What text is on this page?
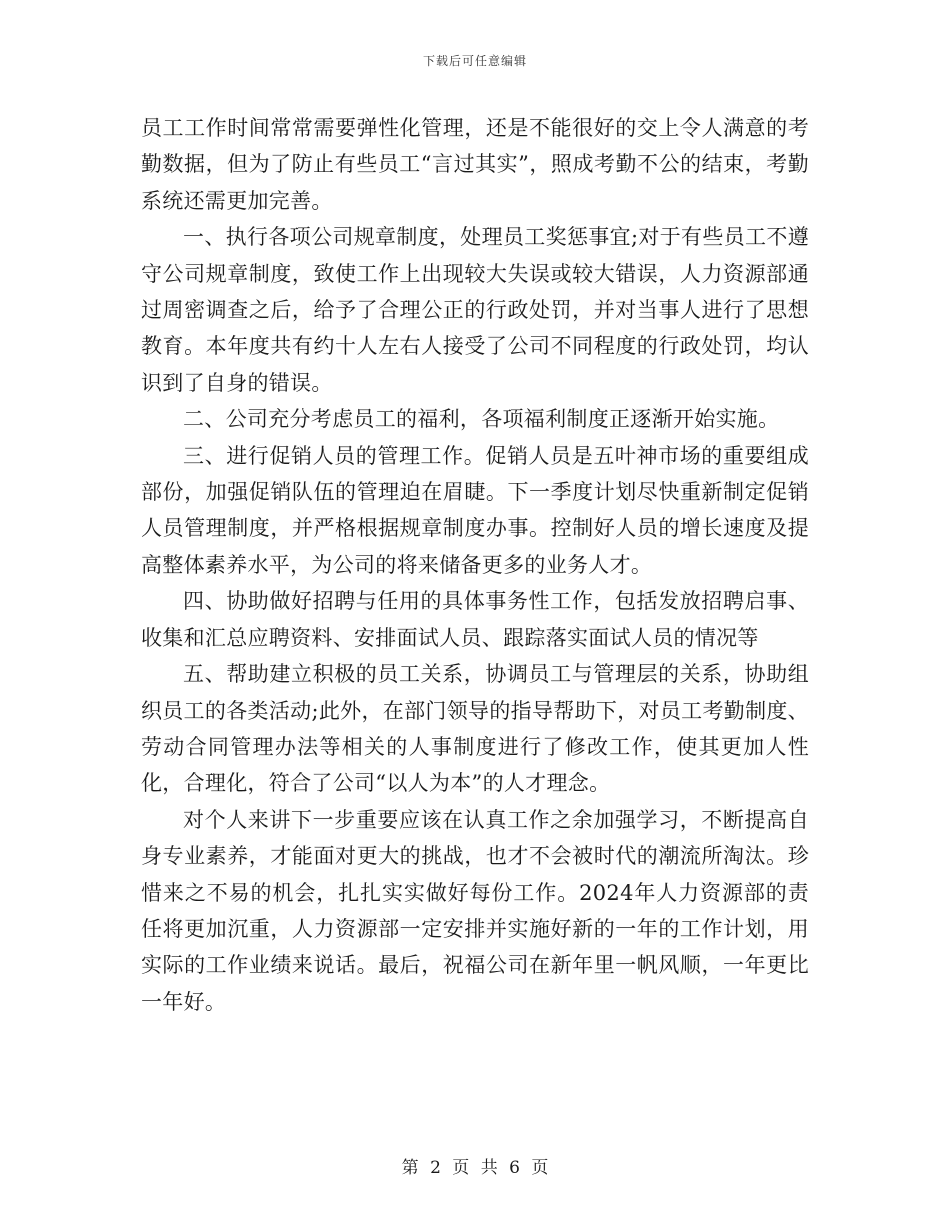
下载后可任意编辑

员工工作时间常常需要弹性化管理，还是不能很好的交上令人满意的考勤数据，但为了防止有些员工“言过其实”，照成考勤不公的结束，考勤系统还需更加完善。

一、执行各项公司规章制度，处理员工奖惩事宜;对于有些员工不遵守公司规章制度，致使工作上出现较大失误或较大错误，人力资源部通过周密调查之后，给予了合理公正的行政处罚，并对当事人进行了思想教育。本年度共有约十人左右人接受了公司不同程度的行政处罚，均认识到了自身的错误。

二、公司充分考虑员工的福利，各项福利制度正逐渐开始实施。

三、进行促销人员的管理工作。促销人员是五叶神市场的重要组成部份，加强促销队伍的管理迫在眉睫。下一季度计划尽快重新制定促销人员管理制度，并严格根据规章制度办事。控制好人员的增长速度及提高整体素养水平，为公司的将来储备更多的业务人才。

四、协助做好招聘与任用的具体事务性工作，包括发放招聘启事、收集和汇总应聘资料、安排面试人员、跟踪落实面试人员的情况等

五、帮助建立积极的员工关系，协调员工与管理层的关系，协助组织员工的各类活动;此外，在部门领导的指导帮助下，对员工考勤制度、劳动合同管理办法等相关的人事制度进行了修改工作，使其更加人性化，合理化，符合了公司“以人为本”的人才理念。

对个人来讲下一步重要应该在认真工作之余加强学习，不断提高自身专业素养，才能面对更大的挑战，也才不会被时代的潮流所淘汰。珍惜来之不易的机会，扎扎实实做好每份工作。2024年人力资源部的责任将更加沉重，人力资源部一定安排并实施好新的一年的工作计划，用实际的工作业绩来说话。最后，祝福公司在新年里一帆风顺，一年更比一年好。

第 2 页 共 6 页
